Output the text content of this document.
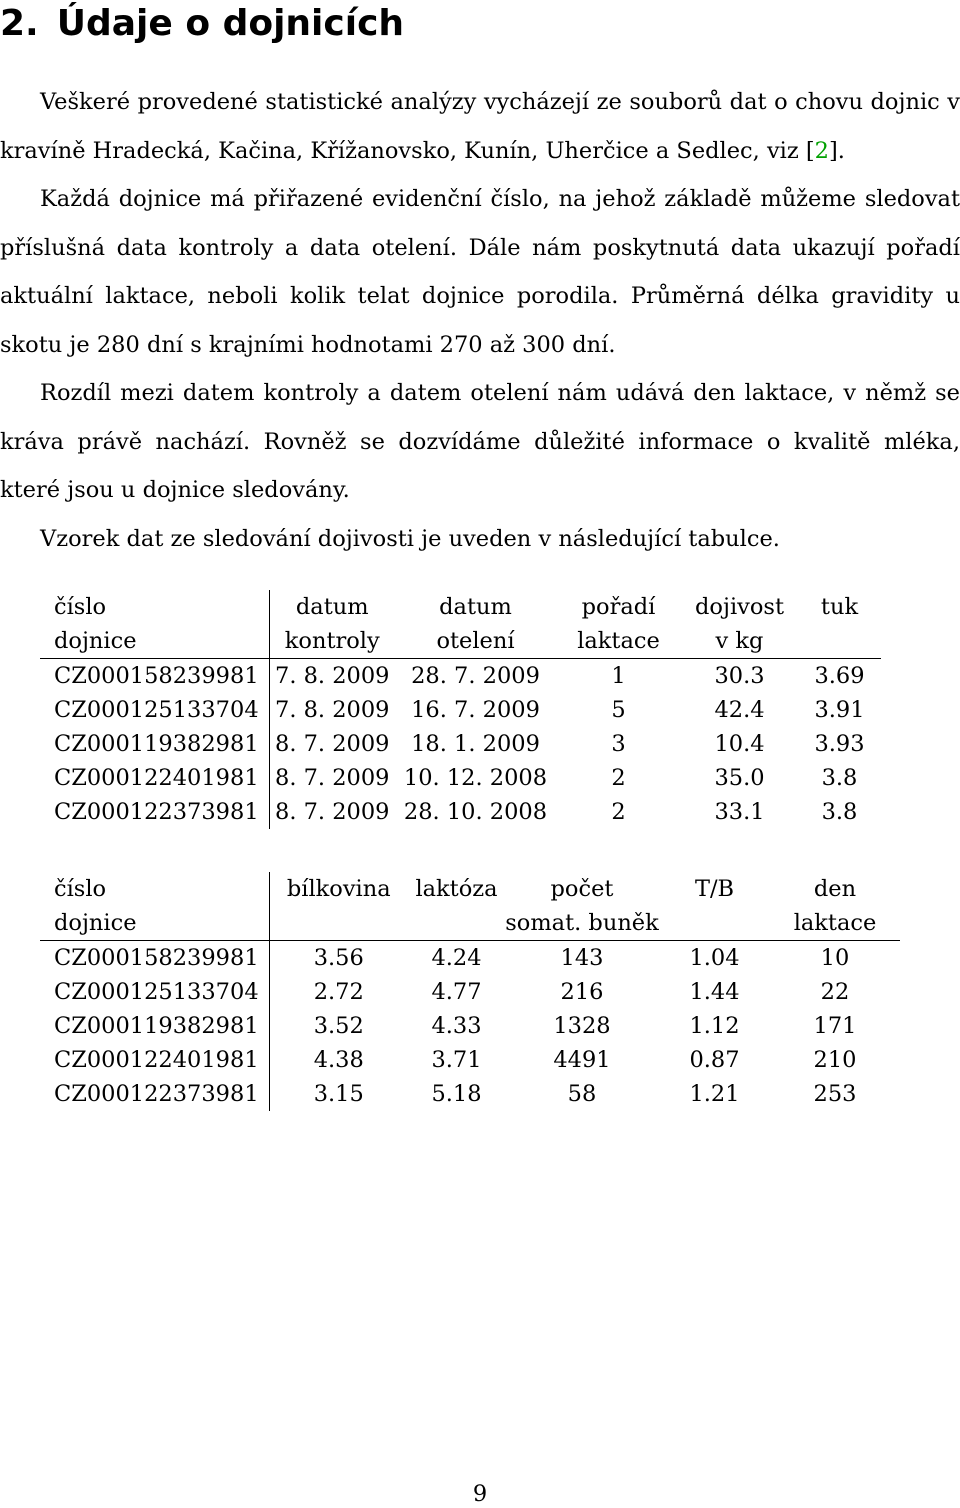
2. Údaje o dojnicích

Veškeré provedené statistické analýzy vycházejí ze souborů dat o chovu dojnic v kravíně Hradecká, Kačina, Křížanovsko, Kunín, Uherčice a Sedlec, viz [2].

Každá dojnice má přiřazené evidenční číslo, na jehož základě můžeme sledovat příslušná data kontroly a data otelení. Dále nám poskytnutá data ukazují pořadí aktuální laktace, neboli kolik telat dojnice porodila. Průměrná délka gravidity u skotu je 280 dní s krajními hodnotami 270 až 300 dní.

Rozdíl mezi datem kontroly a datem otelení nám udává den laktace, v němž se kráva právě nachází. Rovněž se dozvídáme důležité informace o kvalitě mléka, které jsou u dojnice sledovány.

Vzorek dat ze sledování dojivosti je uveden v následující tabulce.

číslo	datum	datum	pořadí	dojivost	tuk
dojnice	kontroly	otelení	laktace	v kg	
CZ000158239981	7. 8. 2009	28. 7. 2009	1	30.3	3.69
CZ000125133704	7. 8. 2009	16. 7. 2009	5	42.4	3.91
CZ000119382981	8. 7. 2009	18. 1. 2009	3	10.4	3.93
CZ000122401981	8. 7. 2009	10. 12. 2008	2	35.0	3.8
CZ000122373981	8. 7. 2009	28. 10. 2008	2	33.1	3.8
číslo	bílkovina	laktóza	počet	T/B	den
dojnice			somat. buněk		laktace
CZ000158239981	3.56	4.24	143	1.04	10
CZ000125133704	2.72	4.77	216	1.44	22
CZ000119382981	3.52	4.33	1328	1.12	171
CZ000122401981	4.38	3.71	4491	0.87	210
CZ000122373981	3.15	5.18	58	1.21	253
9
